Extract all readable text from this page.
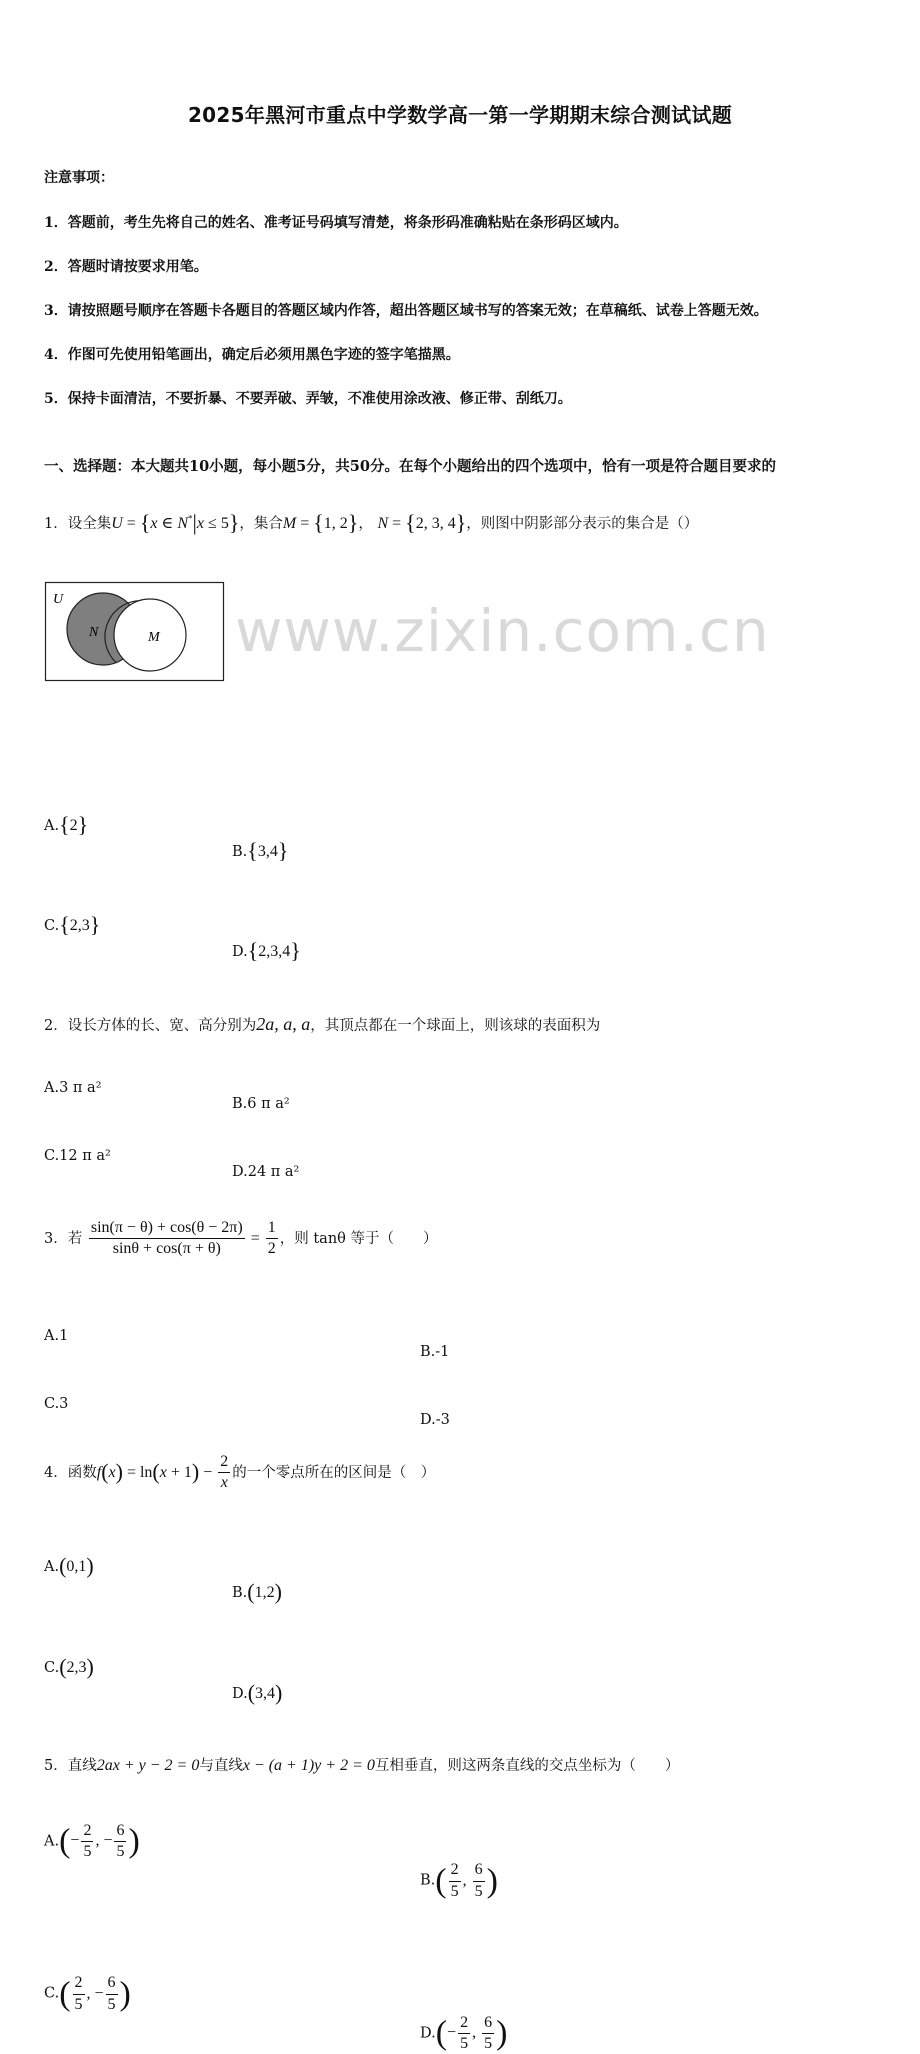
www.zixin.com.cn
2025年黑河市重点中学数学高一第一学期期末综合测试试题
注意事项：
1．答题前，考生先将自己的姓名、准考证号码填写清楚，将条形码准确粘贴在条形码区域内。
2．答题时请按要求用笔。
3．请按照题号顺序在答题卡各题目的答题区域内作答，超出答题区域书写的答案无效；在草稿纸、试卷上答题无效。
4．作图可先使用铅笔画出，确定后必须用黑色字迹的签字笔描黑。
5．保持卡面清洁，不要折暴、不要弄破、弄皱，不准使用涂改液、修正带、刮纸刀。
一、选择题：本大题共10小题，每小题5分，共50分。在每个小题给出的四个选项中，恰有一项是符合题目要求的
1．设全集U = {x ∈ N*|x ≤ 5}，集合M = {1, 2}， N = {2, 3, 4}，则图中阴影部分表示的集合是（）
U
N	M
A.{2}
B.{3,4}
C.{2,3}
D.{2,3,4}
2．设长方体的长、宽、高分别为2a, a, a，其顶点都在一个球面上，则该球的表面积为
A.3 π a²
B.6 π a²
C.12 π a²
D.24 π a²
3．若 $\frac{\sin(\pi - \theta) + \cos(\theta - 2\pi)}{\sin\theta + \cos(\pi + \theta)} = \frac{1}{2}$ ，则 tanθ 等于（　　）
A.1
B.-1
C.3
D.-3
4．函数$f(x) = \ln(x + 1) - \frac{2}{x}$ 的一个零点所在的区间是（　）
A.(0,1)
B.(1,2)
C.(2,3)
D.(3,4)
5．直线2ax + y − 2 = 0与直线x − (a + 1)y + 2 = 0互相垂直，则这两条直线的交点坐标为（　　）
$A.(- \frac{2}{5}$ , − $\frac{6}{5}$ )
$B.( \frac{2}{5}$ , $\frac{6}{5}$ )
$C.( \frac{2}{5}$ , − $\frac{6}{5}$ )
$D.(- \frac{2}{5}$ , $\frac{6}{5}$ )
